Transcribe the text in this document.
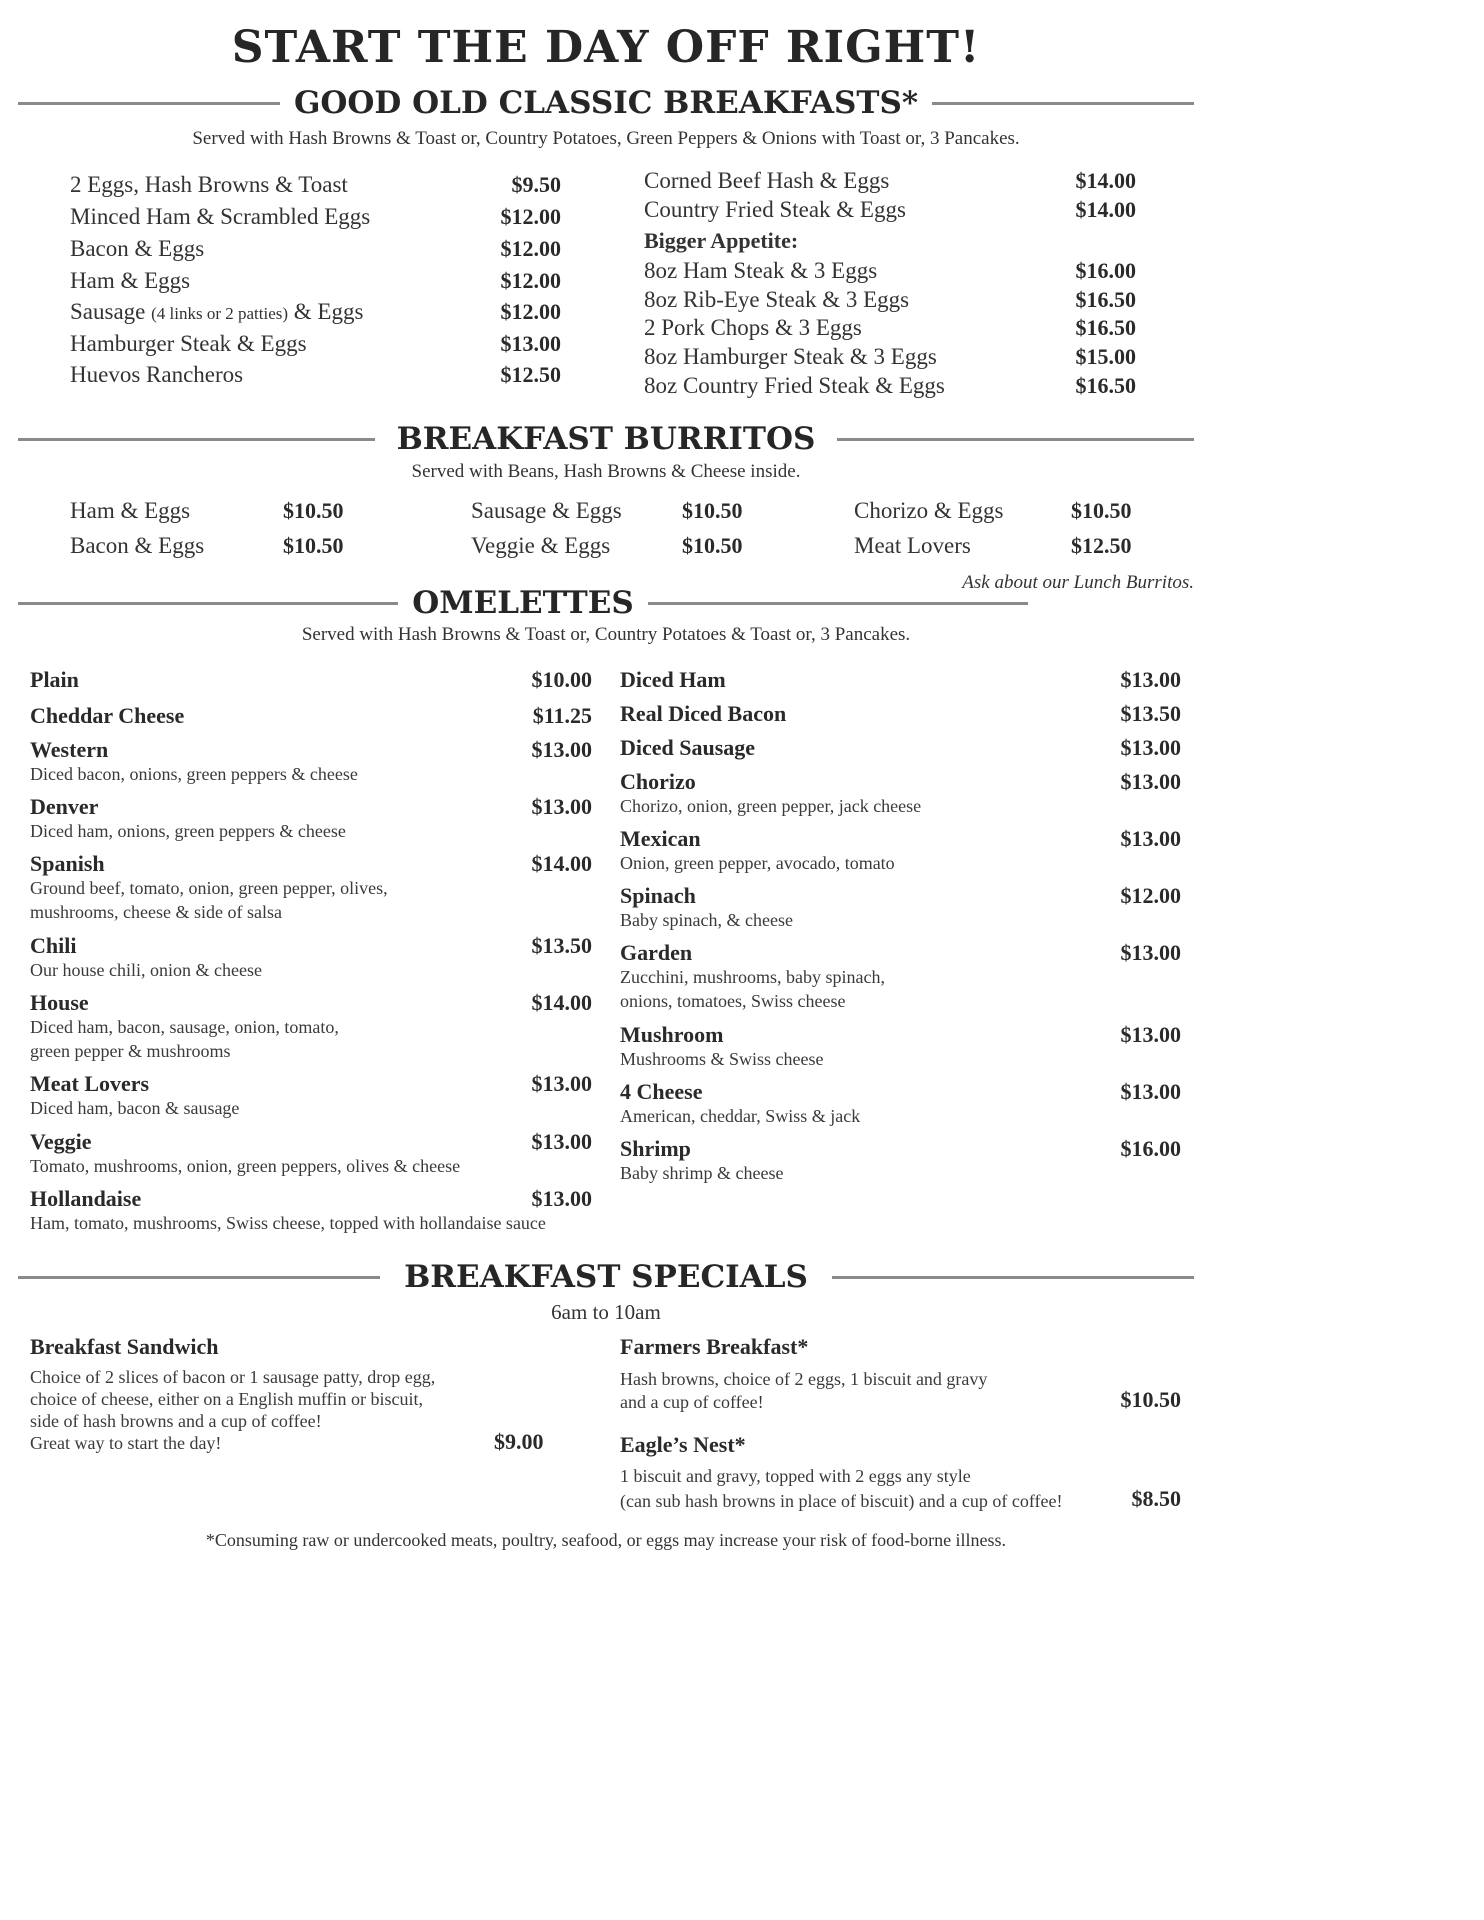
START THE DAY OFF RIGHT!
GOOD OLD CLASSIC BREAKFASTS*
Served with Hash Browns & Toast or, Country Potatoes, Green Peppers & Onions with Toast or, 3 Pancakes.
2 Eggs, Hash Browns & Toast	$9.50
Minced Ham & Scrambled Eggs	$12.00
Bacon & Eggs	$12.00
Ham & Eggs	$12.00
Sausage (4 links or 2 patties) & Eggs	$12.00
Hamburger Steak & Eggs	$13.00
Huevos Rancheros	$12.50
Corned Beef Hash & Eggs	$14.00
Country Fried Steak & Eggs	$14.00
Bigger Appetite:
8oz Ham Steak & 3 Eggs	$16.00
8oz Rib-Eye Steak & 3 Eggs	$16.50
2 Pork Chops & 3 Eggs	$16.50
8oz Hamburger Steak & 3 Eggs	$15.00
8oz Country Fried Steak & Eggs	$16.50
BREAKFAST BURRITOS
Served with Beans, Hash Browns & Cheese inside.
Ham & Eggs	$10.50
Bacon & Eggs	$10.50
Sausage & Eggs	$10.50
Veggie & Eggs	$10.50
Chorizo & Eggs	$10.50
Meat Lovers	$12.50
Ask about our Lunch Burritos.
OMELETTES
Served with Hash Browns & Toast or, Country Potatoes & Toast or, 3 Pancakes.
Plain	$10.00
Cheddar Cheese	$11.25
Western	$13.00
Diced bacon, onions, green peppers & cheese
Denver	$13.00
Diced ham, onions, green peppers & cheese
Spanish	$14.00
Ground beef, tomato, onion, green pepper, olives,
mushrooms, cheese & side of salsa
Chili	$13.50
Our house chili, onion & cheese
House	$14.00
Diced ham, bacon, sausage, onion, tomato,
green pepper & mushrooms
Meat Lovers	$13.00
Diced ham, bacon & sausage
Veggie	$13.00
Tomato, mushrooms, onion, green peppers, olives & cheese
Hollandaise	$13.00
Ham, tomato, mushrooms, Swiss cheese, topped with hollandaise sauce
Diced Ham	$13.00
Real Diced Bacon	$13.50
Diced Sausage	$13.00
Chorizo	$13.00
Chorizo, onion, green pepper, jack cheese
Mexican	$13.00
Onion, green pepper, avocado, tomato
Spinach	$12.00
Baby spinach, & cheese
Garden	$13.00
Zucchini, mushrooms, baby spinach,
onions, tomatoes, Swiss cheese
Mushroom	$13.00
Mushrooms & Swiss cheese
4 Cheese	$13.00
American, cheddar, Swiss & jack
Shrimp	$16.00
Baby shrimp & cheese
BREAKFAST SPECIALS
6am to 10am
Breakfast Sandwich
Choice of 2 slices of bacon or 1 sausage patty, drop egg,
choice of cheese, either on a English muffin or biscuit,
side of hash browns and a cup of coffee!
Great way to start the day!	$9.00
Farmers Breakfast*
Hash browns, choice of 2 eggs, 1 biscuit and gravy
and a cup of coffee!	$10.50
Eagle’s Nest*
1 biscuit and gravy, topped with 2 eggs any style
(can sub hash browns in place of biscuit) and a cup of coffee!	$8.50
*Consuming raw or undercooked meats, poultry, seafood, or eggs may increase your risk of food-borne illness.
